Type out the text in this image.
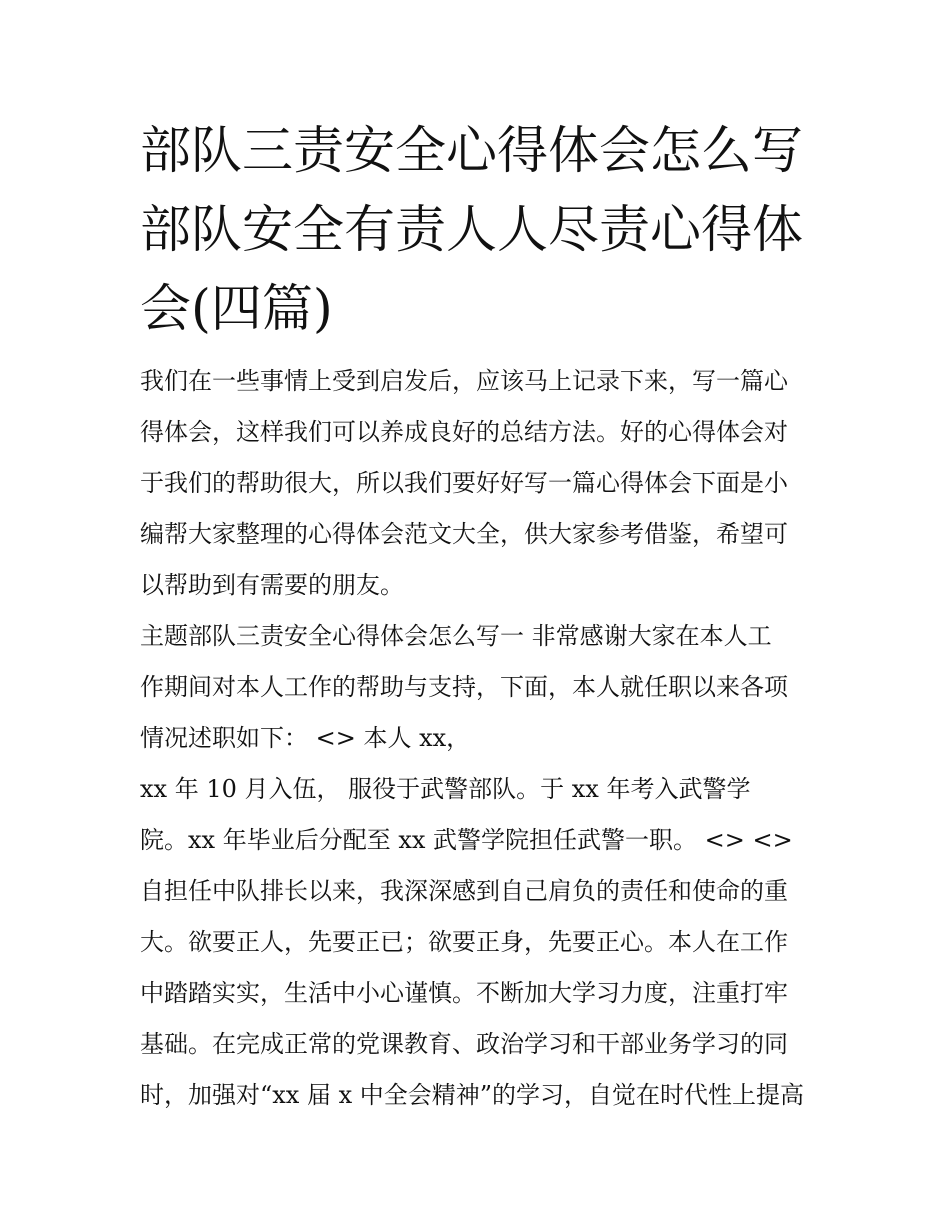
部队三责安全心得体会怎么写
部队安全有责人人尽责心得体
会(四篇)
我们在一些事情上受到启发后，应该马上记录下来，写一篇心
得体会，这样我们可以养成良好的总结方法。好的心得体会对
于我们的帮助很大，所以我们要好好写一篇心得体会下面是小
编帮大家整理的心得体会范文大全，供大家参考借鉴，希望可
以帮助到有需要的朋友。
主题部队三责安全心得体会怎么写一 非常感谢大家在本人工
作期间对本人工作的帮助与支持，下面，本人就任职以来各项
情况述职如下： <> 本人 xx，
xx 年 10 月入伍， 服役于武警部队。于 xx 年考入武警学
院。xx 年毕业后分配至 xx 武警学院担任武警一职。 <> <>
自担任中队排长以来，我深深感到自己肩负的责任和使命的重
大。欲要正人，先要正已；欲要正身，先要正心。本人在工作
中踏踏实实，生活中小心谨慎。不断加大学习力度，注重打牢
基础。在完成正常的党课教育、政治学习和干部业务学习的同
时，加强对“xx 届 x 中全会精神”的学习，自觉在时代性上提高
